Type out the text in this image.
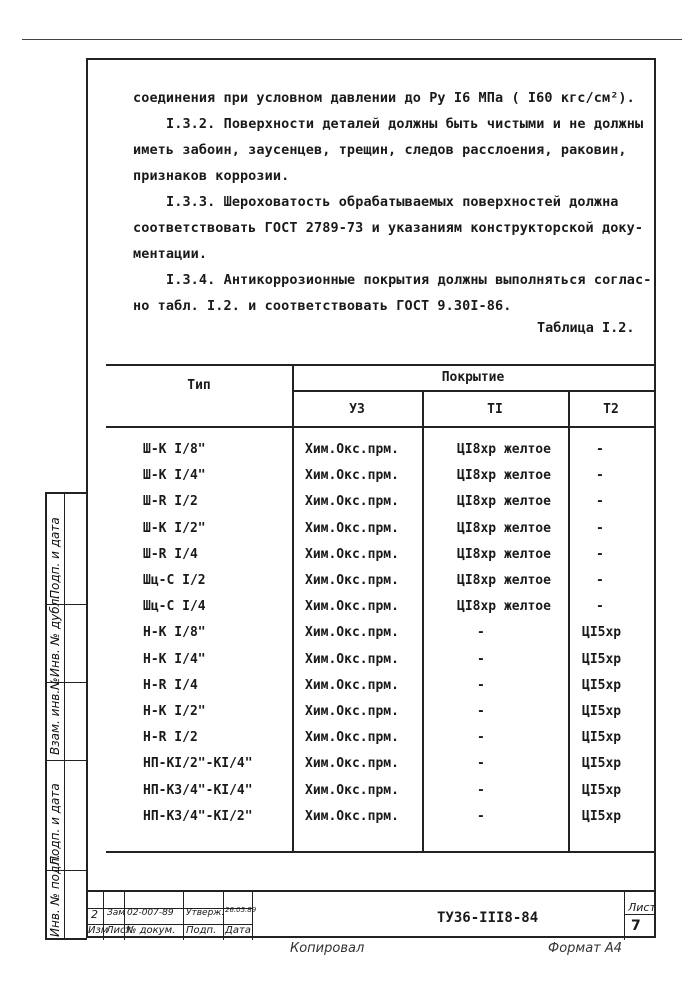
соединения при условном давлении до Ру I6 МПа ( I60 кгс/см²).
I.3.2. Поверхности деталей должны быть чистыми и не должны
иметь забоин, заусенцев, трещин, следов расслоения, раковин,
признаков коррозии.
I.3.3. Шероховатость обрабатываемых поверхностей должна
соответствовать ГОСТ 2789-73 и указаниям конструкторской доку-
ментации.
I.3.4. Антикоррозионные покрытия должны выполняться соглас-
но табл. I.2. и соответствовать ГОСТ 9.30I-86.
Таблица I.2.
Тип
Покрытие
УЗ	TI	Т2
Ш-К I/8"	Хим.Окс.прм.	ЦI8хр желтое	-
Ш-К I/4"	Хим.Окс.прм.	ЦI8хр желтое	-
Ш-R I/2	Хим.Окс.прм.	ЦI8хр желтое	-
Ш-К I/2"	Хим.Окс.прм.	ЦI8хр желтое	-
Ш-R I/4	Хим.Окс.прм.	ЦI8хр желтое	-
Шц-С I/2	Хим.Окс.прм.	ЦI8хр желтое	-
Шц-С I/4	Хим.Окс.прм.	ЦI8хр желтое	-
Н-К I/8"	Хим.Окс.прм.	-	ЦI5хр
Н-К I/4"	Хим.Окс.прм.	-	ЦI5хр
Н-R I/4	Хим.Окс.прм.	-	ЦI5хр
Н-К I/2"	Хим.Окс.прм.	-	ЦI5хр
Н-R I/2	Хим.Окс.прм.	-	ЦI5хр
НП-КI/2"-КI/4"	Хим.Окс.прм.	-	ЦI5хр
НП-К3/4"-КI/4"	Хим.Окс.прм.	-	ЦI5хр
НП-К3/4"-КI/2"	Хим.Окс.прм.	-	ЦI5хр
Подп. и дата
Инв. № дубл.
Взам. инв.№
Подп. и дата
Инв. № подл.	2 Зам 02-007-89 Утверж. 26.05.89
Изм
Лист
№ докум. Подп. Дата
ТУ36-III8-84
Лист
7
Копировал	Формат А4
